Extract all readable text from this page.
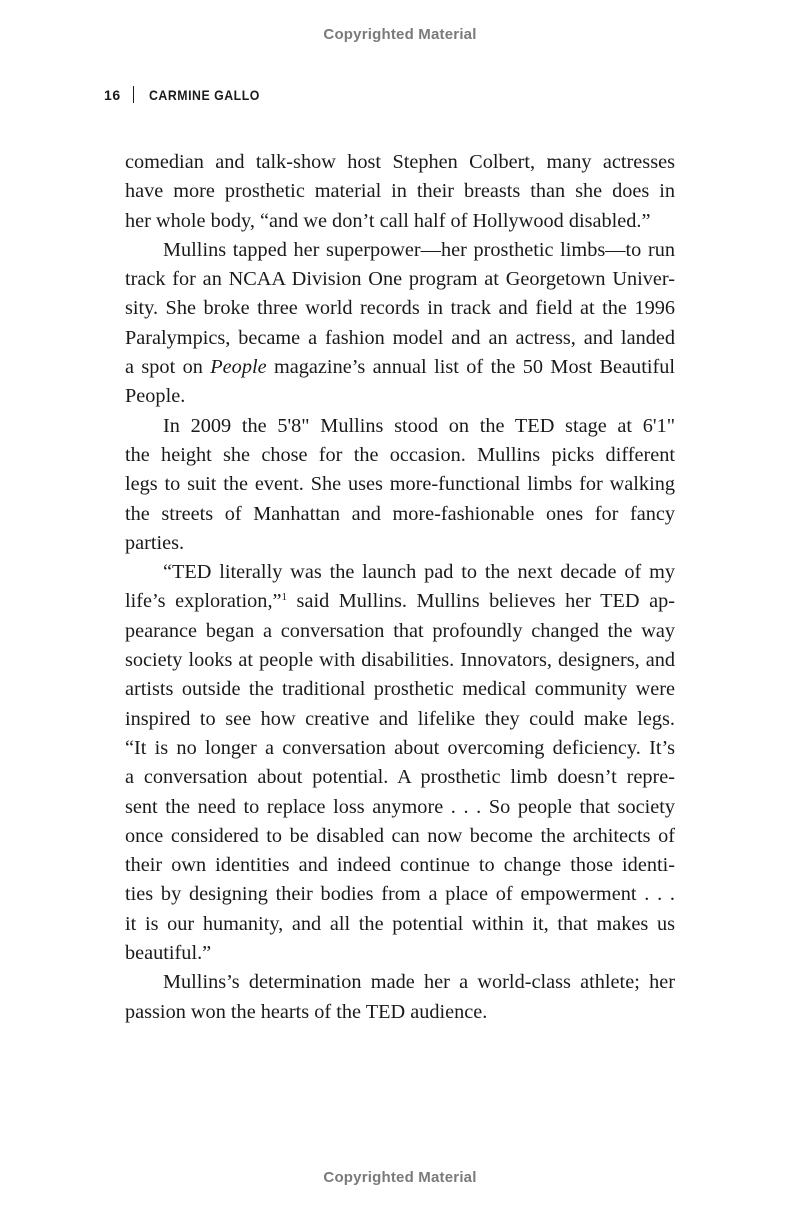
Copyrighted Material
16 CARMINE GALLO
comedian and talk-show host Stephen Colbert, many actresses
have more prosthetic material in their breasts than she does in
her whole body, “and we don’t call half of Hollywood disabled.”
Mullins tapped her superpower—her prosthetic limbs—to run
track for an NCAA Division One program at Georgetown Univer-
sity. She broke three world records in track and field at the 1996
Paralympics, became a fashion model and an actress, and landed
a spot on People magazine’s annual list of the 50 Most Beautiful
People.
In 2009 the 5'8" Mullins stood on the TED stage at 6'1"
the height she chose for the occasion. Mullins picks different
legs to suit the event. She uses more-functional limbs for walking
the streets of Manhattan and more-fashionable ones for fancy
parties.
“TED literally was the launch pad to the next decade of my
life’s exploration,”$^1$ said Mullins. Mullins believes her TED ap-
pearance began a conversation that profoundly changed the way
society looks at people with disabilities. Innovators, designers, and
artists outside the traditional prosthetic medical community were
inspired to see how creative and lifelike they could make legs.
“It is no longer a conversation about overcoming deficiency. It’s
a conversation about potential. A prosthetic limb doesn’t repre-
sent the need to replace loss anymore . . . So people that society
once considered to be disabled can now become the architects of
their own identities and indeed continue to change those identi-
ties by designing their bodies from a place of empowerment . . .
it is our humanity, and all the potential within it, that makes us
beautiful.”
Mullins’s determination made her a world-class athlete; her
passion won the hearts of the TED audience.
Copyrighted Material
